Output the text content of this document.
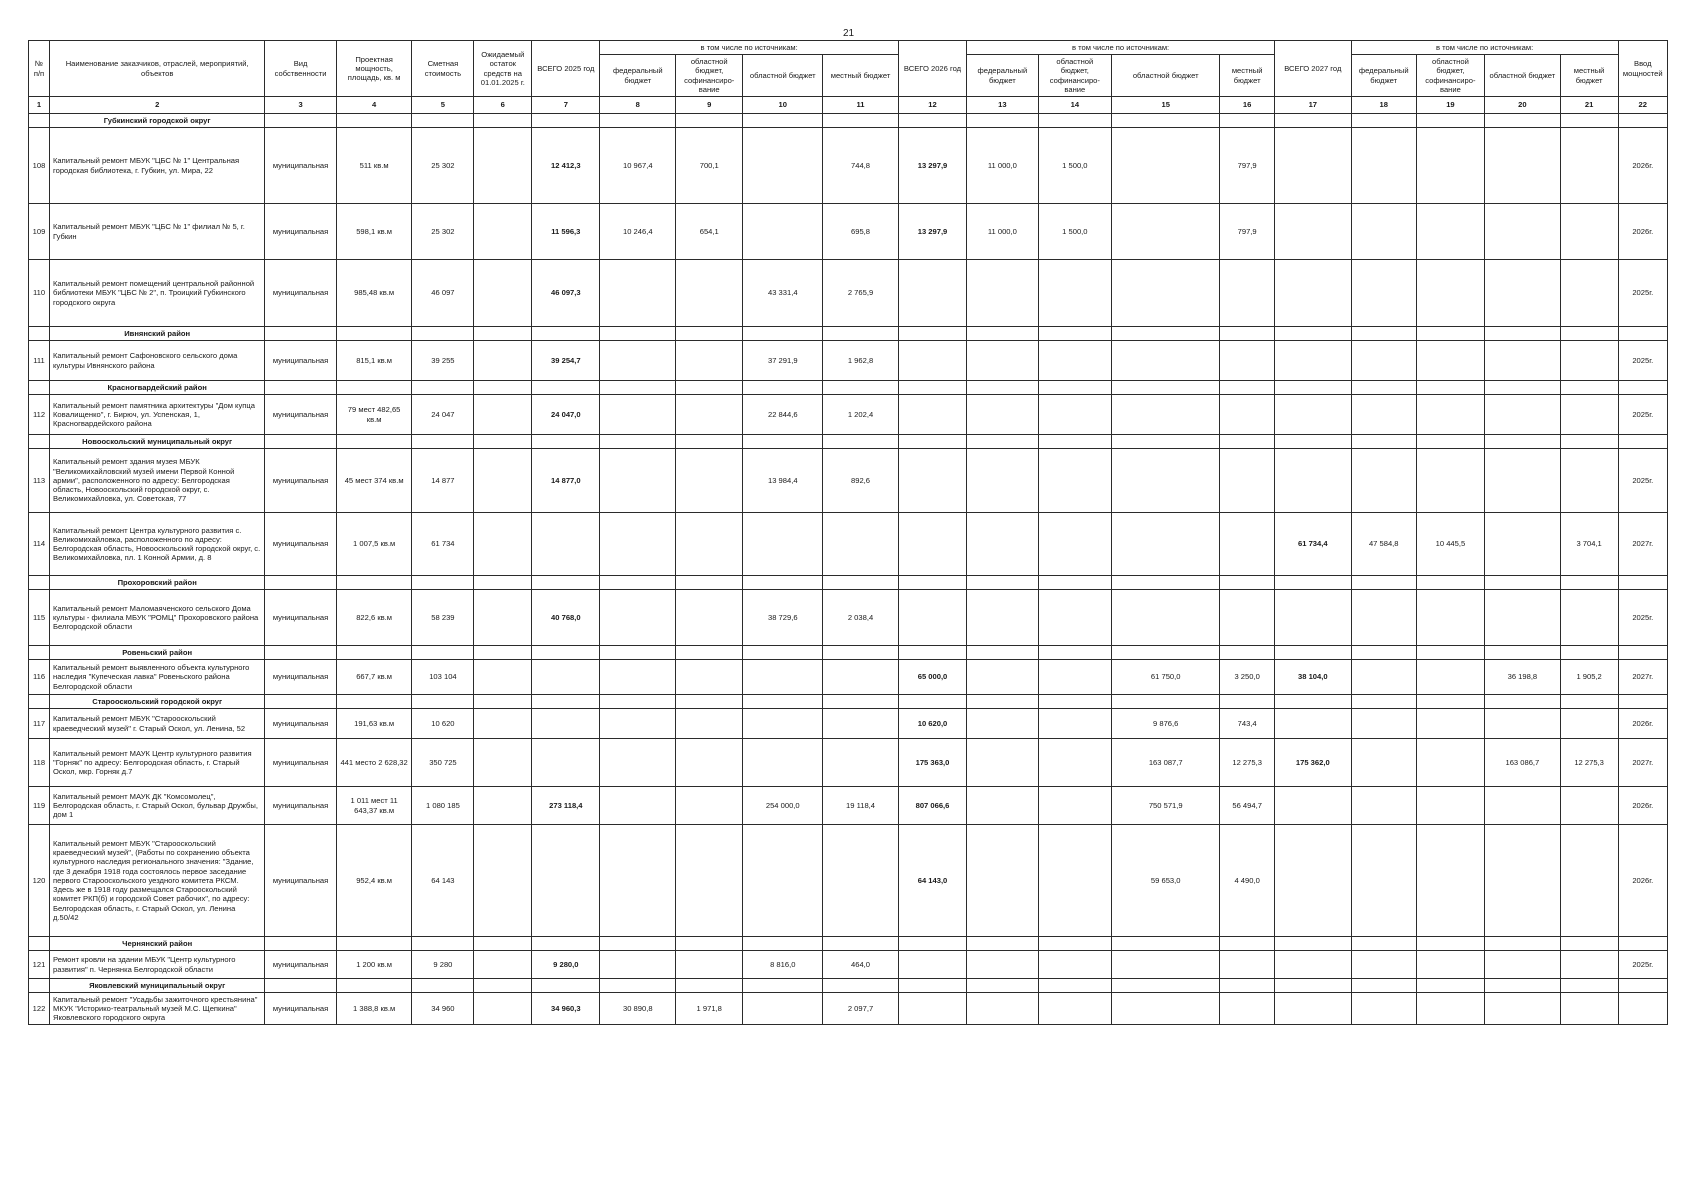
21
№ п/п	Наименование заказчиков, отраслей, мероприятий, объектов	Вид собственности	Проектная мощность, площадь, кв. м	Сметная стоимость	Ожидаемый остаток средств на 01.01.2025 г.	ВСЕГО 2025 год	в том числе по источникам:				ВСЕГО 2026 год	в том числе по источникам:				ВСЕГО 2027 год	в том числе по источникам:				Ввод мощностей
							федеральный бюджет	областной бюджет, софинансиро-вание	областной бюджет	местный бюджет		федеральный бюджет	областной бюджет, софинансиро-вание	областной бюджет	местный бюджет		федеральный бюджет	областной бюджет, софинансиро-вание	областной бюджет	местный бюджет	
1	2	3	4	5	6	7	8	9	10	11	12	13	14	15	16	17	18	19	20	21	22
	Губкинский городской округ																				
108	Капитальный ремонт МБУК "ЦБС № 1" Центральная городская библиотека, г. Губкин, ул. Мира, 22	муниципальная	511 кв.м	25 302		12 412,3	10 967,4	700,1		744,8	13 297,9	11 000,0	1 500,0		797,9						2026г.
109	Капитальный ремонт МБУК "ЦБС № 1" филиал № 5, г. Губкин	муниципальная	598,1 кв.м	25 302		11 596,3	10 246,4	654,1		695,8	13 297,9	11 000,0	1 500,0		797,9						2026г.
110	Капитальный ремонт помещений центральной районной библиотеки МБУК "ЦБС № 2", п. Троицкий Губкинского городского округа	муниципальная	985,48 кв.м	46 097		46 097,3			43 331,4	2 765,9											2025г.
	Ивнянский район																				
111	Капитальный ремонт Сафоновского сельского дома культуры Ивнянского района	муниципальная	815,1 кв.м	39 255		39 254,7			37 291,9	1 962,8											2025г.
	Красногвардейский район																				
112	Капитальный ремонт памятника архитектуры "Дом купца Ковалищенко", г. Бирюч, ул. Успенская, 1, Красногвардейского района	муниципальная	79 мест 482,65 кв.м	24 047		24 047,0			22 844,6	1 202,4											2025г.
	Новооскольский муниципальный округ																				
113	Капитальный ремонт здания музея МБУК "Великомихайловский музей имени Первой Конной армии", расположенного по адресу: Белгородская область, Новооскольский городской округ, с. Великомихайловка, ул. Советская, 77	муниципальная	45 мест 374 кв.м	14 877		14 877,0			13 984,4	892,6											2025г.
114	Капитальный ремонт Центра культурного развития с. Великомихайловка, расположенного по адресу: Белгородская область, Новооскольский городской округ, с. Великомихайловка, пл. 1 Конной Армии, д. 8	муниципальная	1 007,5 кв.м	61 734												61 734,4	47 584,8	10 445,5		3 704,1	2027г.
	Прохоровский район																				
115	Капитальный ремонт Маломаяченского сельского Дома культуры - филиала МБУК "РОМЦ" Прохоровского района Белгородской области	муниципальная	822,6 кв.м	58 239		40 768,0			38 729,6	2 038,4											2025г.
	Ровеньский район																				
116	Капитальный ремонт выявленного объекта культурного наследия "Купеческая лавка" Ровеньского района Белгородской области	муниципальная	667,7 кв.м	103 104							65 000,0			61 750,0	3 250,0	38 104,0			36 198,8	1 905,2	2027г.
	Старооскольский городской округ																				
117	Капитальный ремонт МБУК "Старооскольский краеведческий музей" г. Старый Оскол, ул. Ленина, 52	муниципальная	191,63 кв.м	10 620							10 620,0			9 876,6	743,4						2026г.
118	Капитальный ремонт МАУК Центр культурного развития "Горняк" по адресу: Белгородская область, г. Старый Оскол, мкр. Горняк д.7	муниципальная	441 место 2 628,32	350 725							175 363,0			163 087,7	12 275,3	175 362,0			163 086,7	12 275,3	2027г.
119	Капитальный ремонт МАУК ДК "Комсомолец", Белгородская область, г. Старый Оскол, бульвар Дружбы, дом 1	муниципальная	1 011 мест 11 643,37 кв.м	1 080 185		273 118,4			254 000,0	19 118,4	807 066,6			750 571,9	56 494,7						2026г.
120	Капитальный ремонт МБУК "Старооскольский краеведческий музей", (Работы по сохранению объекта культурного наследия регионального значения: "Здание, где 3 декабря 1918 года состоялось первое заседание первого Старооскольского уездного комитета РКСМ. Здесь же в 1918 году размещался Старооскольский комитет РКП(б) и городской Совет рабочих", по адресу: Белгородская область, г. Старый Оскол, ул. Ленина д.50/42	муниципальная	952,4 кв.м	64 143							64 143,0			59 653,0	4 490,0						2026г.
	Чернянский район																				
121	Ремонт кровли на здании МБУК "Центр культурного развития" п. Чернянка Белгородской области	муниципальная	1 200 кв.м	9 280		9 280,0			8 816,0	464,0											2025г.
	Яковлевский муниципальный округ																				
122	Капитальный ремонт "Усадьбы зажиточного крестьянина" МКУК "Историко-театральный музей М.С. Щепкина" Яковлевского городского округа	муниципальная	1 388,8 кв.м	34 960		34 960,3	30 890,8	1 971,8		2 097,7											
